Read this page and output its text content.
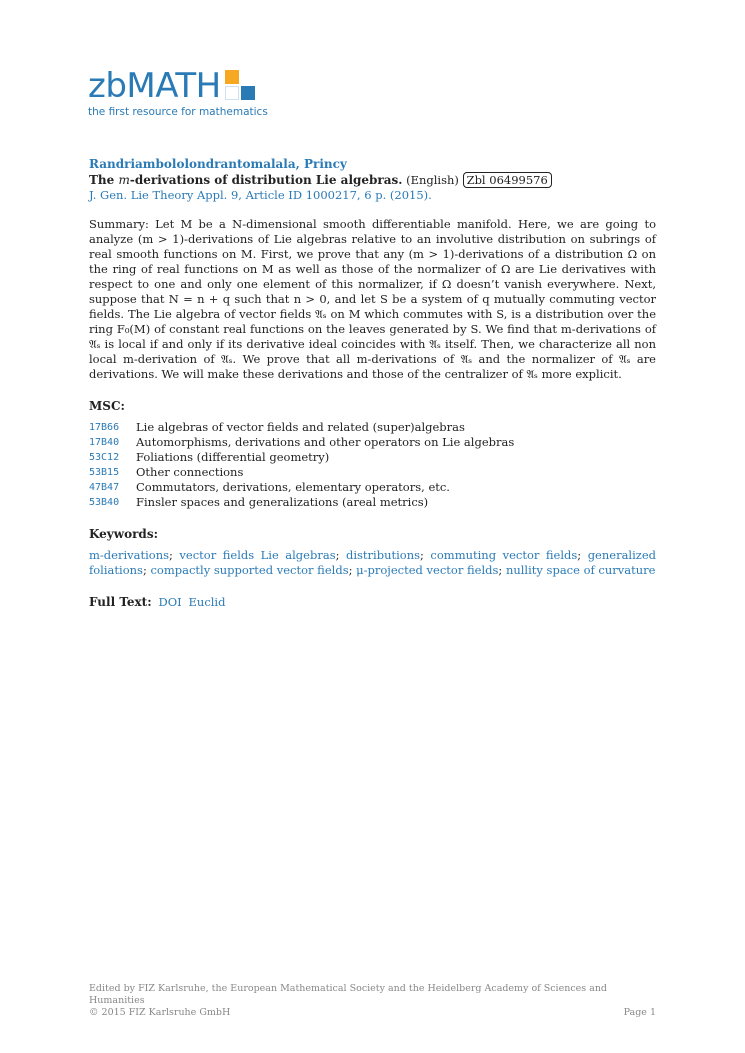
zbMATH
the first resource for mathematics
Randriambololondrantomalala, Princy
The m-derivations of distribution Lie algebras. (English) Zbl 06499576
J. Gen. Lie Theory Appl. 9, Article ID 1000217, 6 p. (2015).
Summary: Let M be a N-dimensional smooth differentiable manifold. Here, we are going to analyze (m > 1)-derivations of Lie algebras relative to an involutive distribution on subrings of real smooth functions on M. First, we prove that any (m > 1)-derivations of a distribution Ω on the ring of real functions on M as well as those of the normalizer of Ω are Lie derivatives with respect to one and only one element of this normalizer, if Ω doesn’t vanish everywhere. Next, suppose that N = n + q such that n > 0, and let S be a system of q mutually commuting vector fields. The Lie algebra of vector fields 𝔄ₛ on M which commutes with S, is a distribution over the ring F₀(M) of constant real functions on the leaves generated by S. We find that m-derivations of 𝔄ₛ is local if and only if its derivative ideal coincides with 𝔄ₛ itself. Then, we characterize all non local m-derivation of 𝔄ₛ. We prove that all m-derivations of 𝔄ₛ and the normalizer of 𝔄ₛ are derivations. We will make these derivations and those of the centralizer of 𝔄ₛ more explicit.
MSC:
17B66	Lie algebras of vector fields and related (super)algebras
17B40	Automorphisms, derivations and other operators on Lie algebras
53C12	Foliations (differential geometry)
53B15	Other connections
47B47	Commutators, derivations, elementary operators, etc.
53B40	Finsler spaces and generalizations (areal metrics)
Keywords:
m-derivations; vector fields Lie algebras; distributions; commuting vector fields; generalized foliations; compactly supported vector fields; μ-projected vector fields; nullity space of curvature
Full Text: DOI Euclid
Edited by FIZ Karlsruhe, the European Mathematical Society and the Heidelberg Academy of Sciences and Humanities
© 2015 FIZ Karlsruhe GmbH	Page 1
